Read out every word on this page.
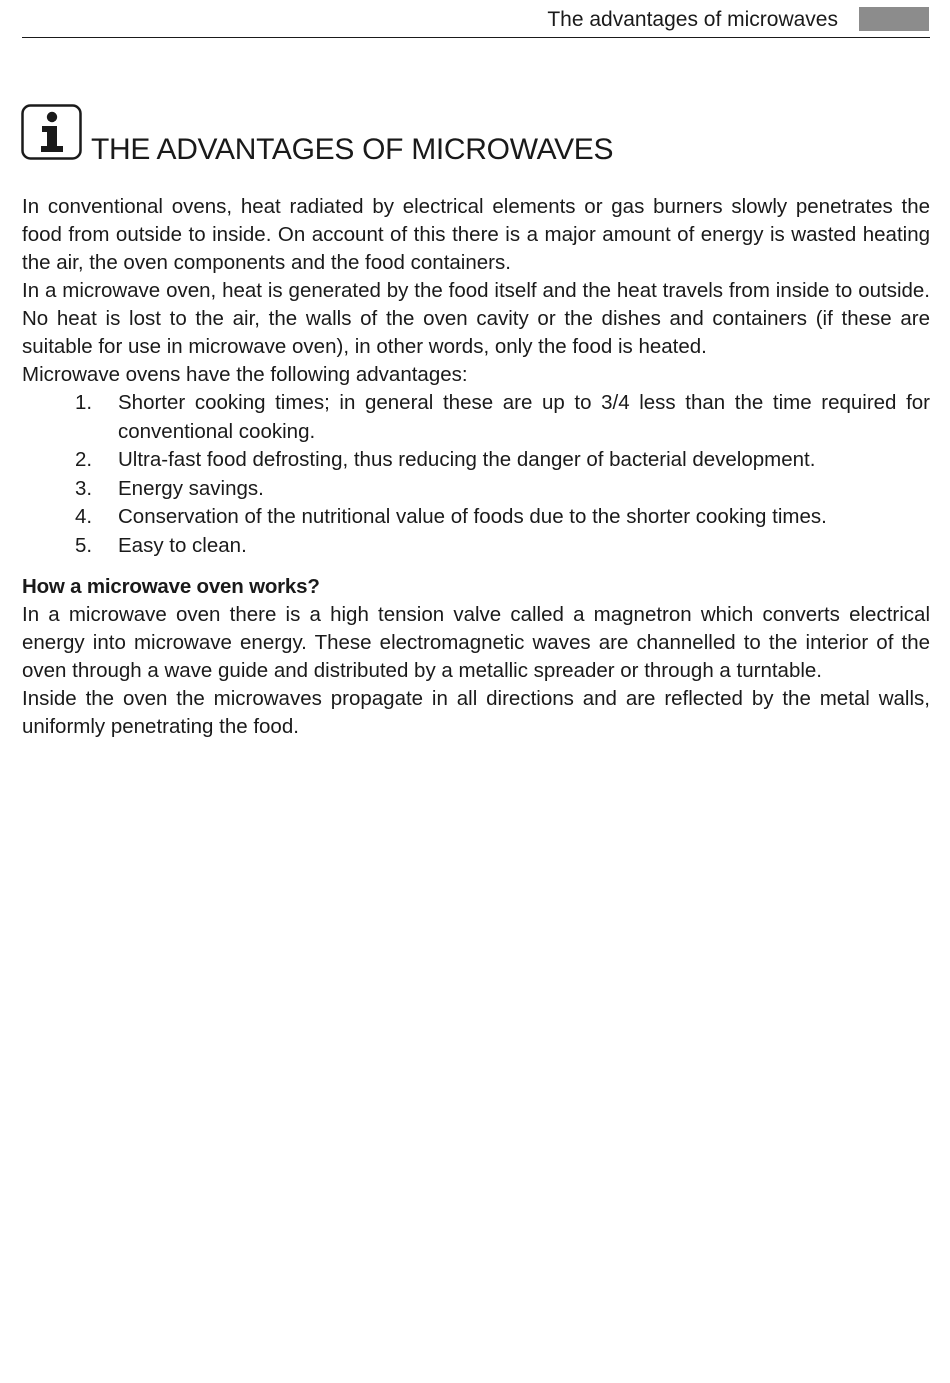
The advantages of microwaves
THE ADVANTAGES OF MICROWAVES

In conventional ovens, heat radiated by electrical elements or gas burners slowly penetrates the food from outside to inside. On account of this there is a major amount of energy is wasted heating the air, the oven components and the food containers.

In a microwave oven, heat is generated by the food itself and the heat travels from inside to outside. No heat is lost to the air, the walls of the oven cavity or the dishes and containers (if these are suitable for use in microwave oven), in other words, only the food is heated.

Microwave ovens have the following advantages:

1. Shorter cooking times; in general these are up to 3/4 less than the time required for conventional cooking.
2. Ultra-fast food defrosting, thus reducing the danger of bacterial development.
3. Energy savings.
4. Conservation of the nutritional value of foods due to the shorter cooking times.
5. Easy to clean.
How a microwave oven works?

In a microwave oven there is a high tension valve called a magnetron which converts electrical energy into microwave energy. These electromagnetic waves are channelled to the interior of the oven through a wave guide and distributed by a metallic spreader or through a turntable.

Inside the oven the microwaves propagate in all directions and are reflected by the metal walls, uniformly penetrating the food.
